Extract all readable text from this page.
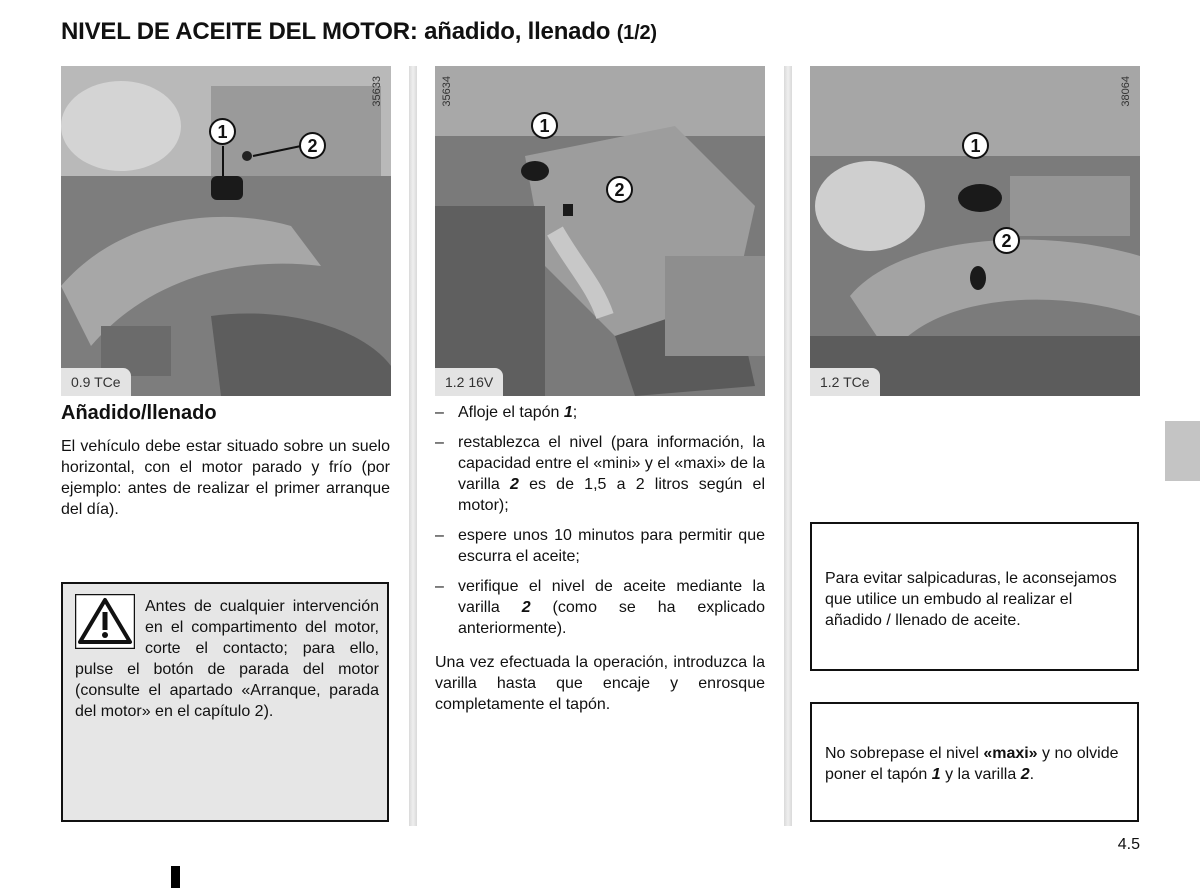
NIVEL DE ACEITE DEL MOTOR: añadido, llenado (1/2)
1
2
35633
0.9 TCe
1
2
35634
1.2 16V
1
2
38064
1.2 TCe
Añadido/llenado
El vehículo debe estar situado sobre un suelo horizontal, con el motor parado y frío (por ejemplo: antes de realizar el primer arranque del día).
Antes de cualquier intervención en el compartimento del motor, corte el contacto; para ello, pulse el botón de parada del motor (consulte el apartado «Arranque, parada del motor» en el capítulo 2).
– Afloje el tapón 1;
– restablezca el nivel (para información, la capacidad entre el «mini» y el «maxi» de la varilla 2 es de 1,5 a 2 litros según el motor);
– espere unos 10 minutos para permitir que escurra el aceite;
– verifique el nivel de aceite mediante la varilla 2 (como se ha explicado anteriormente).
Una vez efectuada la operación, introduzca la varilla hasta que encaje y enrosque completamente el tapón.

Para evitar salpicaduras, le aconsejamos que utilice un embudo al realizar el añadido / llenado de aceite.

No sobrepase el nivel «maxi» y no olvide poner el tapón 1 y la varilla 2.

4.5
